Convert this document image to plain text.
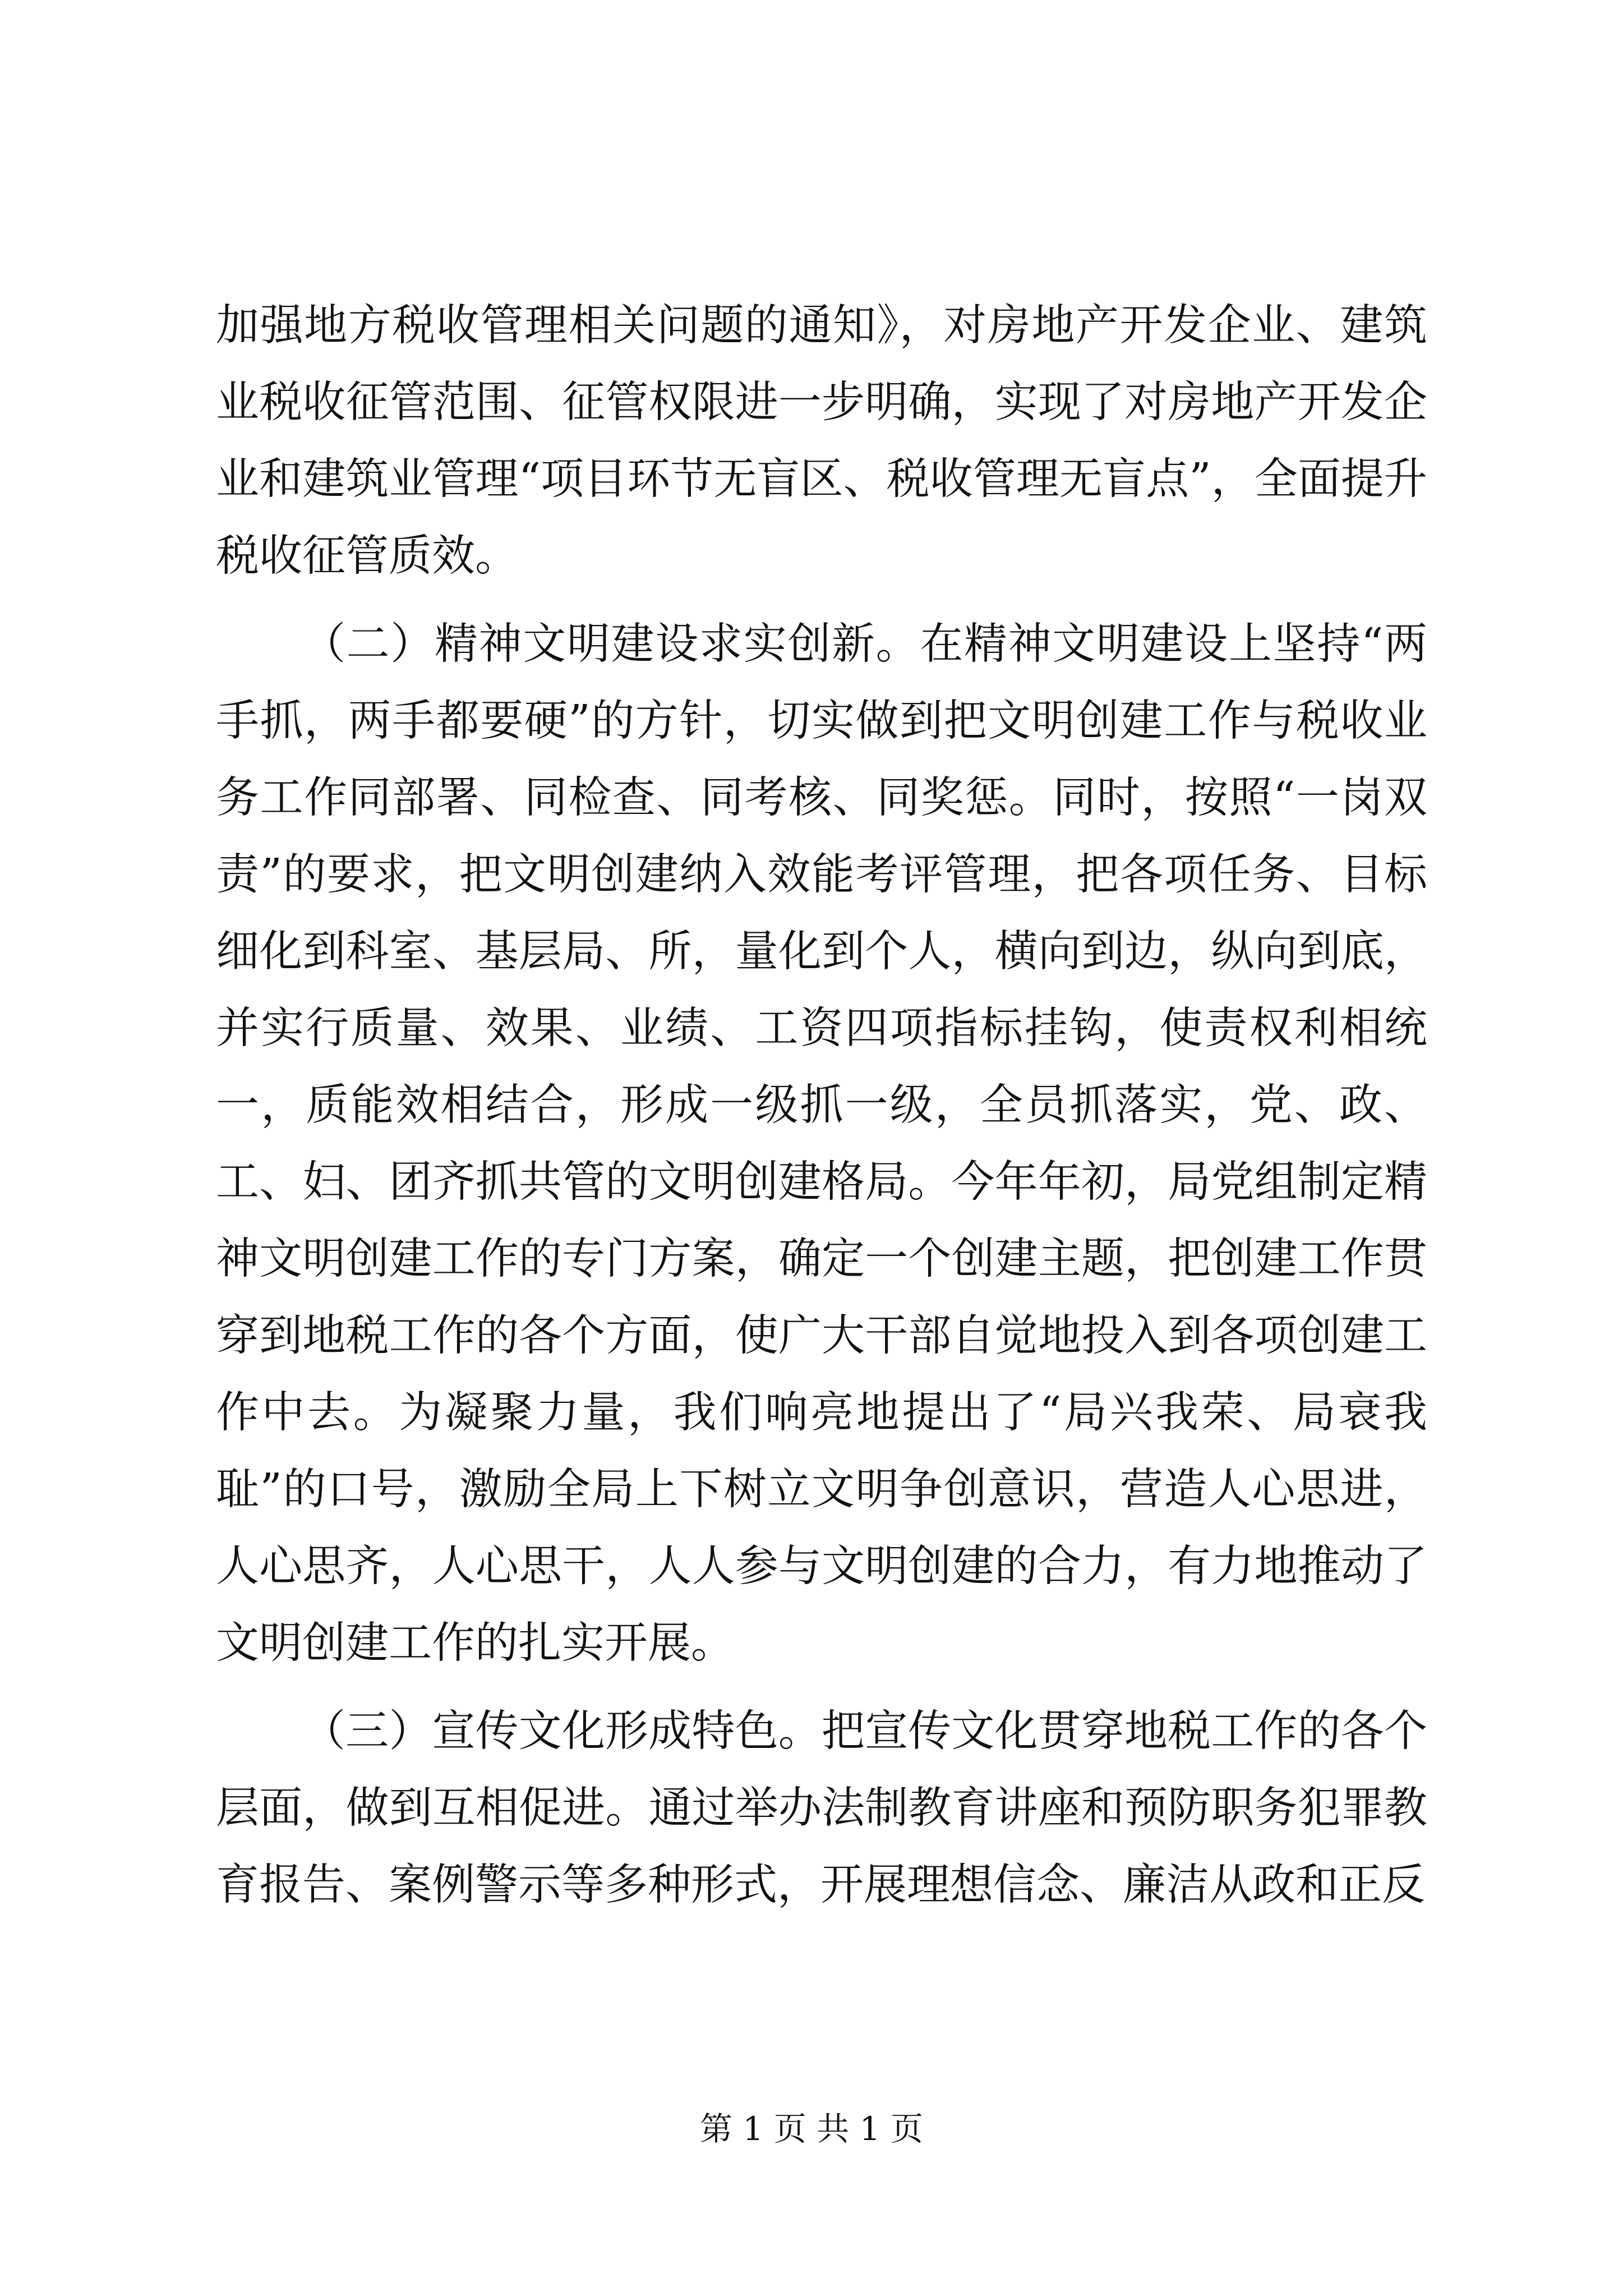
加强地方税收管理相关问题的通知》，对房地产开发企业、建筑业税收征管范围、征管权限进一步明确，实现了对房地产开发企业和建筑业管理“项目环节无盲区、税收管理无盲点”，全面提升税收征管质效。

（二）精神文明建设求实创新。在精神文明建设上坚持“两手抓，两手都要硬”的方针，切实做到把文明创建工作与税收业务工作同部署、同检查、同考核、同奖惩。同时，按照“一岗双责”的要求，把文明创建纳入效能考评管理，把各项任务、目标细化到科室、基层局、所，量化到个人，横向到边，纵向到底，并实行质量、效果、业绩、工资四项指标挂钩，使责权利相统一，质能效相结合，形成一级抓一级，全员抓落实，党、政、工、妇、团齐抓共管的文明创建格局。今年年初，局党组制定精神文明创建工作的专门方案，确定一个创建主题，把创建工作贯穿到地税工作的各个方面，使广大干部自觉地投入到各项创建工作中去。为凝聚力量，我们响亮地提出了“局兴我荣、局衰我耻”的口号，激励全局上下树立文明争创意识，营造人心思进，人心思齐，人心思干，人人参与文明创建的合力，有力地推动了文明创建工作的扎实开展。

（三）宣传文化形成特色。把宣传文化贯穿地税工作的各个层面，做到互相促进。通过举办法制教育讲座和预防职务犯罪教育报告、案例警示等多种形式，开展理想信念、廉洁从政和正反

第 1 页 共 1 页
